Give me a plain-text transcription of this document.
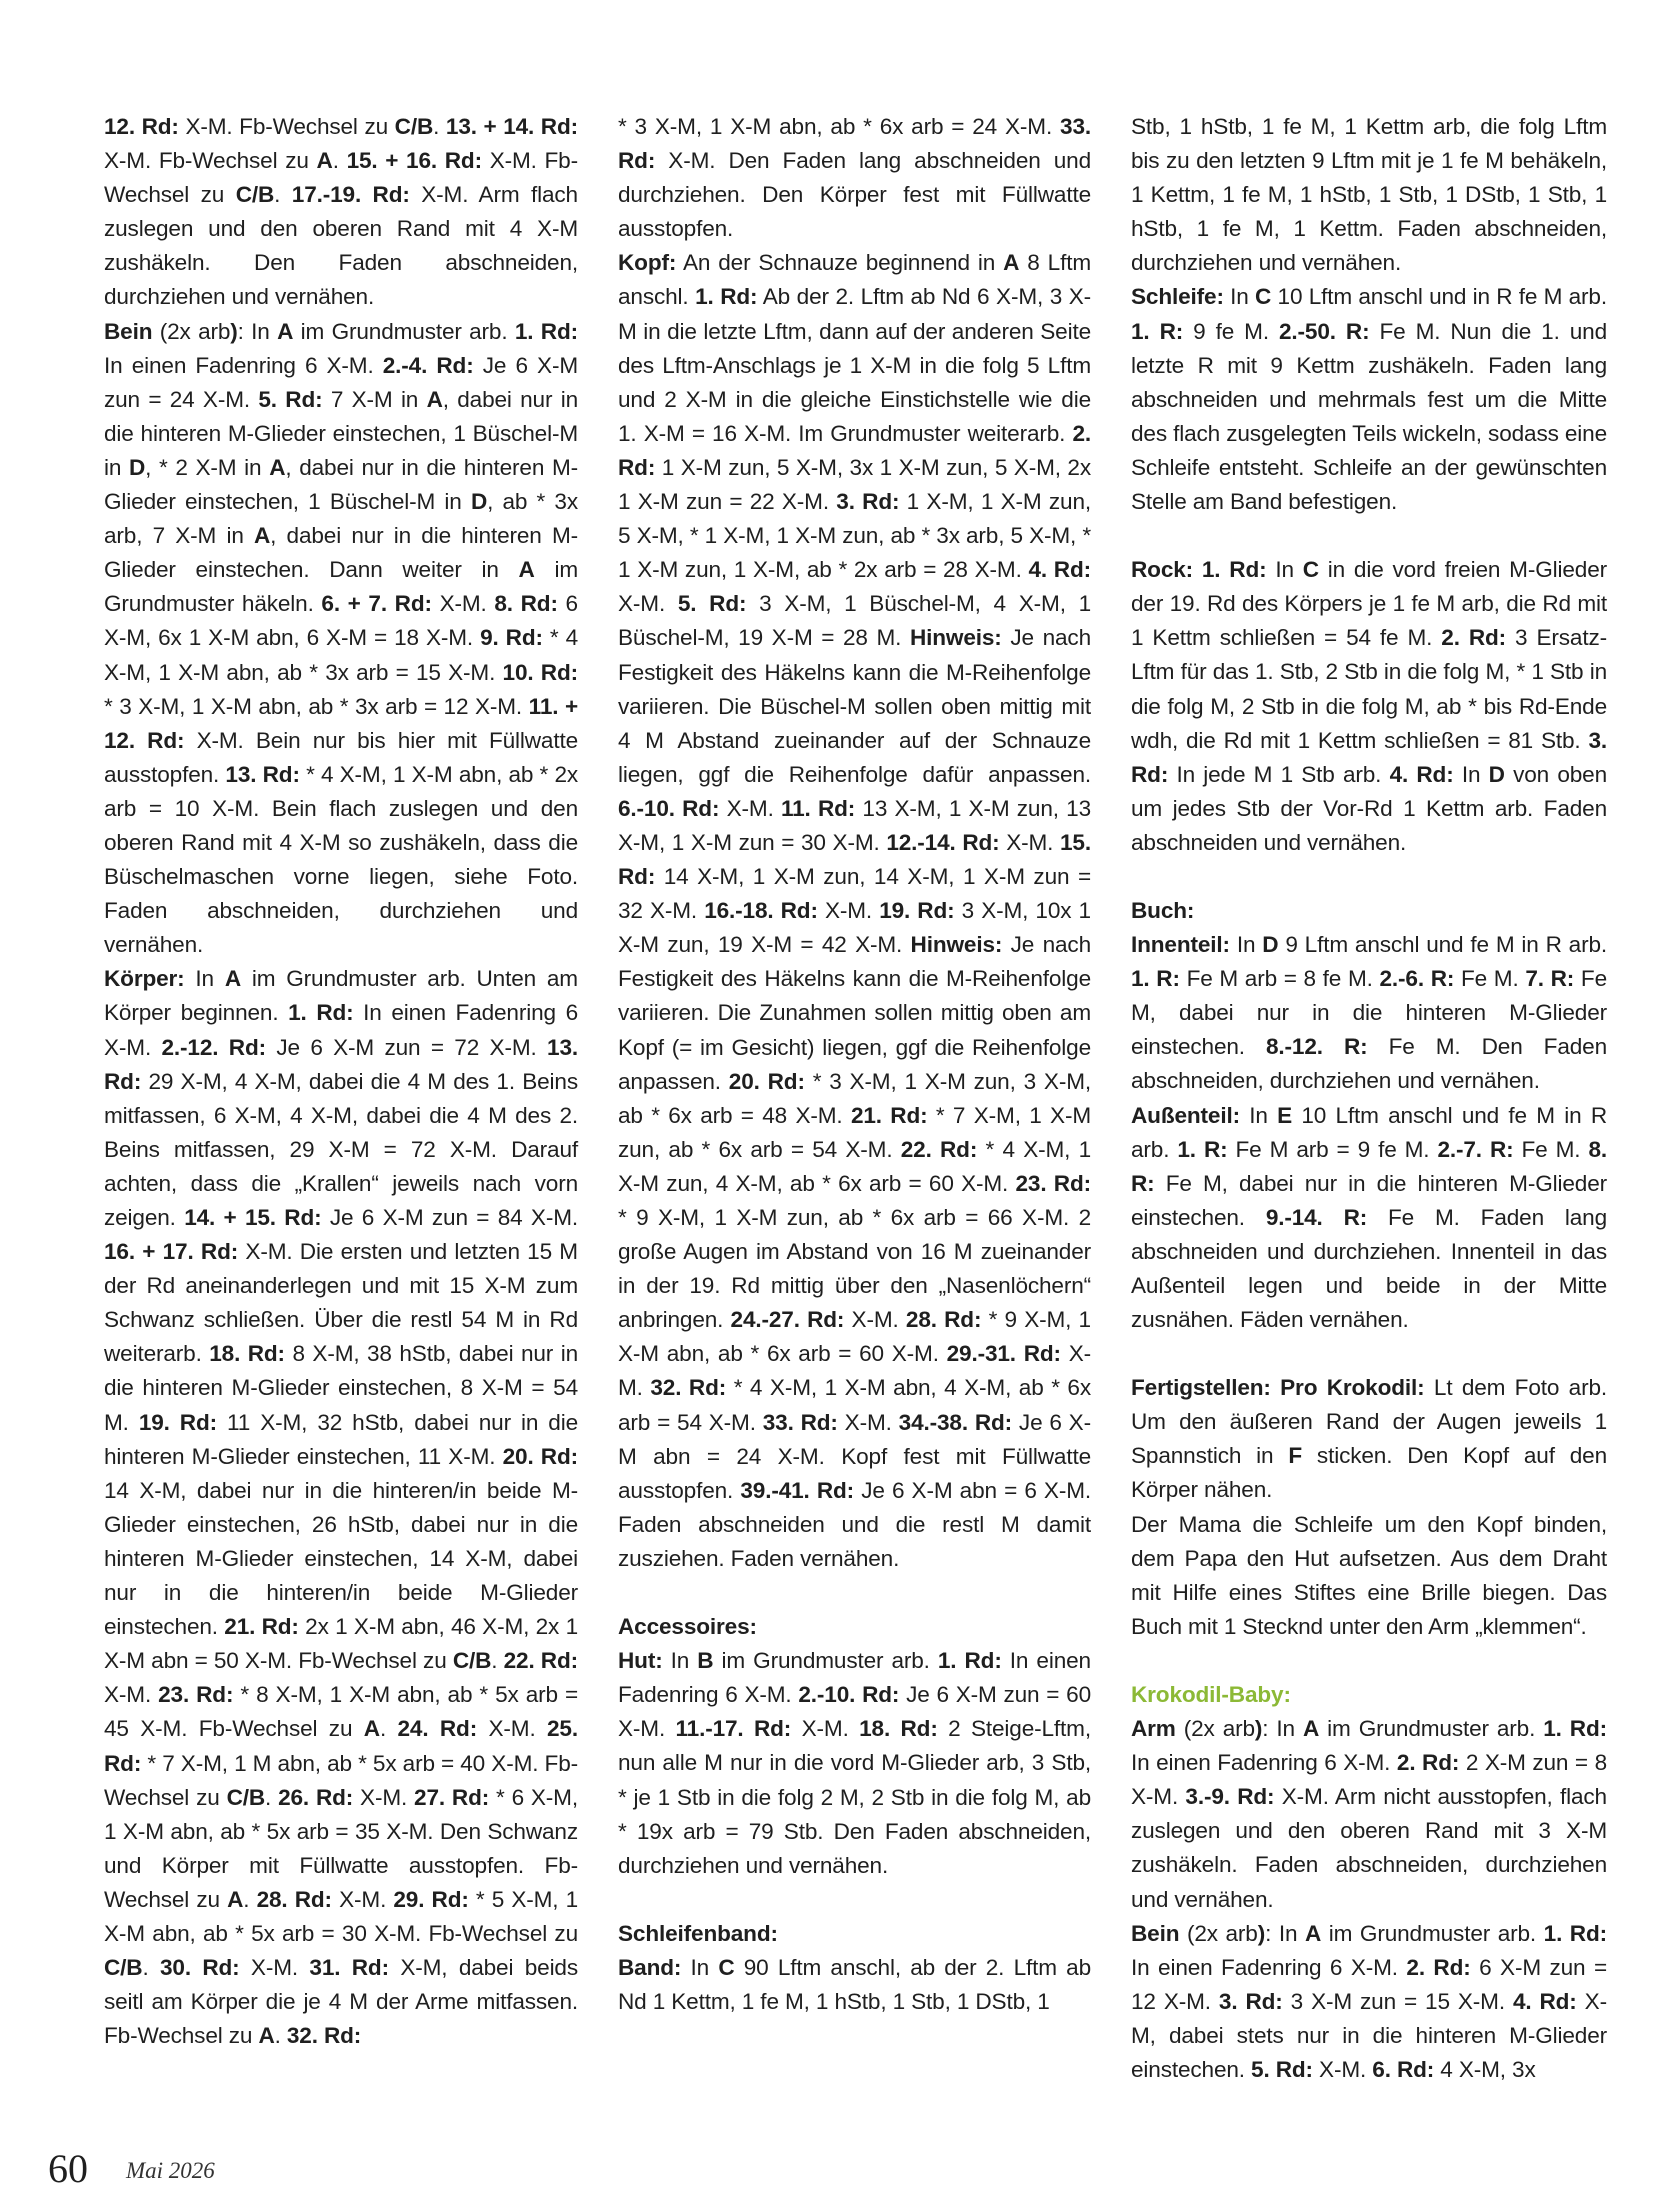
12. Rd: X-M. Fb-Wechsel zu C/B. 13. + 14. Rd: X-M. Fb-Wechsel zu A. 15. + 16. Rd: X-M. Fb-Wechsel zu C/B. 17.-19. Rd: X-M. Arm flach zuslegen und den oberen Rand mit 4 X-M zushäkeln. Den Faden abschneiden, durchziehen und vernähen.

Bein (2x arb): In A im Grundmuster arb. 1. Rd: In einen Fadenring 6 X-M. 2.-4. Rd: Je 6 X-M zun = 24 X-M. 5. Rd: 7 X-M in A, dabei nur in die hinteren M-Glieder einstechen, 1 Büschel-M in D, * 2 X-M in A, dabei nur in die hinteren M-Glieder einstechen, 1 Büschel-M in D, ab * 3x arb, 7 X-M in A, dabei nur in die hinteren M-Glieder einstechen. Dann weiter in A im Grundmuster häkeln. 6. + 7. Rd: X-M. 8. Rd: 6 X-M, 6x 1 X-M abn, 6 X-M = 18 X-M. 9. Rd: * 4 X-M, 1 X-M abn, ab * 3x arb = 15 X-M. 10. Rd: * 3 X-M, 1 X-M abn, ab * 3x arb = 12 X-M. 11. + 12. Rd: X-M. Bein nur bis hier mit Füllwatte ausstopfen. 13. Rd: * 4 X-M, 1 X-M abn, ab * 2x arb = 10 X-M. Bein flach zuslegen und den oberen Rand mit 4 X-M so zushäkeln, dass die Büschelmaschen vorne liegen, siehe Foto. Faden abschneiden, durchziehen und vernähen.

Körper: In A im Grundmuster arb. Unten am Körper beginnen. 1. Rd: In einen Fadenring 6 X-M. 2.-12. Rd: Je 6 X-M zun = 72 X-M. 13. Rd: 29 X-M, 4 X-M, dabei die 4 M des 1. Beins mitfassen, 6 X-M, 4 X-M, dabei die 4 M des 2. Beins mitfassen, 29 X-M = 72 X-M. Darauf achten, dass die „Krallen“ jeweils nach vorn zeigen. 14. + 15. Rd: Je 6 X-M zun = 84 X-M. 16. + 17. Rd: X-M. Die ersten und letzten 15 M der Rd aneinanderlegen und mit 15 X-M zum Schwanz schließen. Über die restl 54 M in Rd weiterarb. 18. Rd: 8 X-M, 38 hStb, dabei nur in die hinteren M-Glieder einstechen, 8 X-M = 54 M. 19. Rd: 11 X-M, 32 hStb, dabei nur in die hinteren M-Glieder einstechen, 11 X-M. 20. Rd: 14 X-M, dabei nur in die hinteren/in beide M-Glieder einstechen, 26 hStb, dabei nur in die hinteren M-Glieder einstechen, 14 X-M, dabei nur in die hinteren/in beide M-Glieder einstechen. 21. Rd: 2x 1 X-M abn, 46 X-M, 2x 1 X-M abn = 50 X-M. Fb-Wechsel zu C/B. 22. Rd: X-M. 23. Rd: * 8 X-M, 1 X-M abn, ab * 5x arb = 45 X-M. Fb-Wechsel zu A. 24. Rd: X-M. 25. Rd: * 7 X-M, 1 M abn, ab * 5x arb = 40 X-M. Fb-Wechsel zu C/B. 26. Rd: X-M. 27. Rd: * 6 X-M, 1 X-M abn, ab * 5x arb = 35 X-M. Den Schwanz und Körper mit Füllwatte ausstopfen. Fb-Wechsel zu A. 28. Rd: X-M. 29. Rd: * 5 X-M, 1 X-M abn, ab * 5x arb = 30 X-M. Fb-Wechsel zu C/B. 30. Rd: X-M. 31. Rd: X-M, dabei beids seitl am Körper die je 4 M der Arme mitfassen. Fb-Wechsel zu A. 32. Rd:

* 3 X-M, 1 X-M abn, ab * 6x arb = 24 X-M. 33. Rd: X-M. Den Faden lang abschneiden und durchziehen. Den Körper fest mit Füllwatte ausstopfen.

Kopf: An der Schnauze beginnend in A 8 Lftm anschl. 1. Rd: Ab der 2. Lftm ab Nd 6 X-M, 3 X-M in die letzte Lftm, dann auf der anderen Seite des Lftm-Anschlags je 1 X-M in die folg 5 Lftm und 2 X-M in die gleiche Einstichstelle wie die 1. X-M = 16 X-M. Im Grundmuster weiterarb. 2. Rd: 1 X-M zun, 5 X-M, 3x 1 X-M zun, 5 X-M, 2x 1 X-M zun = 22 X-M. 3. Rd: 1 X-M, 1 X-M zun, 5 X-M, * 1 X-M, 1 X-M zun, ab * 3x arb, 5 X-M, * 1 X-M zun, 1 X-M, ab * 2x arb = 28 X-M. 4. Rd: X-M. 5. Rd: 3 X-M, 1 Büschel-M, 4 X-M, 1 Büschel-M, 19 X-M = 28 M. Hinweis: Je nach Festigkeit des Häkelns kann die M-Reihenfolge variieren. Die Büschel-M sollen oben mittig mit 4 M Abstand zueinander auf der Schnauze liegen, ggf die Reihenfolge dafür anpassen. 6.-10. Rd: X-M. 11. Rd: 13 X-M, 1 X-M zun, 13 X-M, 1 X-M zun = 30 X-M. 12.-14. Rd: X-M. 15. Rd: 14 X-M, 1 X-M zun, 14 X-M, 1 X-M zun = 32 X-M. 16.-18. Rd: X-M. 19. Rd: 3 X-M, 10x 1 X-M zun, 19 X-M = 42 X-M. Hinweis: Je nach Festigkeit des Häkelns kann die M-Reihenfolge variieren. Die Zunahmen sollen mittig oben am Kopf (= im Gesicht) liegen, ggf die Reihenfolge anpassen. 20. Rd: * 3 X-M, 1 X-M zun, 3 X-M, ab * 6x arb = 48 X-M. 21. Rd: * 7 X-M, 1 X-M zun, ab * 6x arb = 54 X-M. 22. Rd: * 4 X-M, 1 X-M zun, 4 X-M, ab * 6x arb = 60 X-M. 23. Rd: * 9 X-M, 1 X-M zun, ab * 6x arb = 66 X-M. 2 große Augen im Abstand von 16 M zueinander in der 19. Rd mittig über den „Nasenlöchern“ anbringen. 24.-27. Rd: X-M. 28. Rd: * 9 X-M, 1 X-M abn, ab * 6x arb = 60 X-M. 29.-31. Rd: X-M. 32. Rd: * 4 X-M, 1 X-M abn, 4 X-M, ab * 6x arb = 54 X-M. 33. Rd: X-M. 34.-38. Rd: Je 6 X-M abn = 24 X-M. Kopf fest mit Füllwatte ausstopfen. 39.-41. Rd: Je 6 X-M abn = 6 X-M. Faden abschneiden und die restl M damit zusziehen. Faden vernähen.

Accessoires:

Hut: In B im Grundmuster arb. 1. Rd: In einen Fadenring 6 X-M. 2.-10. Rd: Je 6 X-M zun = 60 X-M. 11.-17. Rd: X-M. 18. Rd: 2 Steige-Lftm, nun alle M nur in die vord M-Glieder arb, 3 Stb, * je 1 Stb in die folg 2 M, 2 Stb in die folg M, ab * 19x arb = 79 Stb. Den Faden abschneiden, durchziehen und vernähen.

Schleifenband:

Band: In C 90 Lftm anschl, ab der 2. Lftm ab Nd 1 Kettm, 1 fe M, 1 hStb, 1 Stb, 1 DStb, 1

Stb, 1 hStb, 1 fe M, 1 Kettm arb, die folg Lftm bis zu den letzten 9 Lftm mit je 1 fe M behäkeln, 1 Kettm, 1 fe M, 1 hStb, 1 Stb, 1 DStb, 1 Stb, 1 hStb, 1 fe M, 1 Kettm. Faden abschneiden, durchziehen und vernähen.

Schleife: In C 10 Lftm anschl und in R fe M arb. 1. R: 9 fe M. 2.-50. R: Fe M. Nun die 1. und letzte R mit 9 Kettm zushäkeln. Faden lang abschneiden und mehrmals fest um die Mitte des flach zusgelegten Teils wickeln, sodass eine Schleife entsteht. Schleife an der gewünschten Stelle am Band befestigen.

Rock: 1. Rd: In C in die vord freien M-Glieder der 19. Rd des Körpers je 1 fe M arb, die Rd mit 1 Kettm schließen = 54 fe M. 2. Rd: 3 Ersatz-Lftm für das 1. Stb, 2 Stb in die folg M, * 1 Stb in die folg M, 2 Stb in die folg M, ab * bis Rd-Ende wdh, die Rd mit 1 Kettm schließen = 81 Stb. 3. Rd: In jede M 1 Stb arb. 4. Rd: In D von oben um jedes Stb der Vor-Rd 1 Kettm arb. Faden abschneiden und vernähen.

Buch:

Innenteil: In D 9 Lftm anschl und fe M in R arb. 1. R: Fe M arb = 8 fe M. 2.-6. R: Fe M. 7. R: Fe M, dabei nur in die hinteren M-Glieder einstechen. 8.-12. R: Fe M. Den Faden abschneiden, durchziehen und vernähen.

Außenteil: In E 10 Lftm anschl und fe M in R arb. 1. R: Fe M arb = 9 fe M. 2.-7. R: Fe M. 8. R: Fe M, dabei nur in die hinteren M-Glieder einstechen. 9.-14. R: Fe M. Faden lang abschneiden und durchziehen. Innenteil in das Außenteil legen und beide in der Mitte zusnähen. Fäden vernähen.

Fertigstellen: Pro Krokodil: Lt dem Foto arb. Um den äußeren Rand der Augen jeweils 1 Spannstich in F sticken. Den Kopf auf den Körper nähen.

Der Mama die Schleife um den Kopf binden, dem Papa den Hut aufsetzen. Aus dem Draht mit Hilfe eines Stiftes eine Brille biegen. Das Buch mit 1 Stecknd unter den Arm „klemmen“.

Krokodil-Baby:

Arm (2x arb): In A im Grundmuster arb. 1. Rd: In einen Fadenring 6 X-M. 2. Rd: 2 X-M zun = 8 X-M. 3.-9. Rd: X-M. Arm nicht ausstopfen, flach zuslegen und den oberen Rand mit 3 X-M zushäkeln. Faden abschneiden, durchziehen und vernähen.

Bein (2x arb): In A im Grundmuster arb. 1. Rd: In einen Fadenring 6 X-M. 2. Rd: 6 X-M zun = 12 X-M. 3. Rd: 3 X-M zun = 15 X-M. 4. Rd: X-M, dabei stets nur in die hinteren M-Glieder einstechen. 5. Rd: X-M. 6. Rd: 4 X-M, 3x

60 Mai 2026
